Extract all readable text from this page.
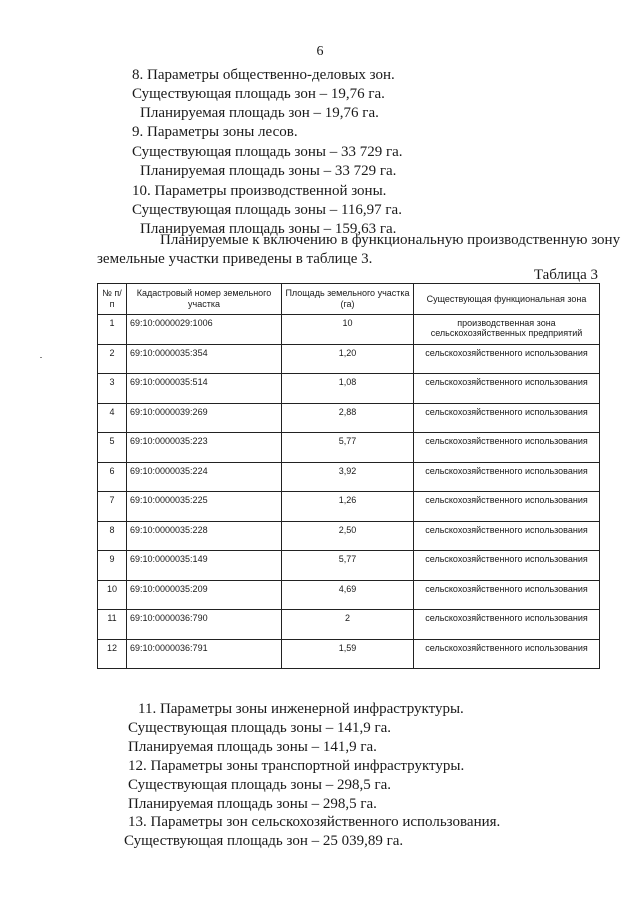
6
8. Параметры общественно-деловых зон.
Существующая площадь зон – 19,76 га.
Планируемая площадь зон – 19,76 га.
9. Параметры зоны лесов.
Существующая площадь зоны – 33 729 га.
Планируемая площадь зоны – 33 729 га.
10. Параметры производственной зоны.
Существующая площадь зоны – 116,97 га.
Планируемая площадь зоны – 159,63 га.
Планируемые к включению в функциональную производственную зону
земельные участки приведены в таблице 3.
Таблица 3
№ п/п	Кадастровый номер земельного участка	Площадь земельного участка (га)	Существующая функциональная зона
1	69:10:0000029:1006	10	производственная зона сельскохозяйственных предприятий
2	69:10:0000035:354	1,20	сельскохозяйственного использования
3	69:10:0000035:514	1,08	сельскохозяйственного использования
4	69:10:0000039:269	2,88	сельскохозяйственного использования
5	69:10:0000035:223	5,77	сельскохозяйственного использования
6	69:10:0000035:224	3,92	сельскохозяйственного использования
7	69:10:0000035:225	1,26	сельскохозяйственного использования
8	69:10:0000035:228	2,50	сельскохозяйственного использования
9	69:10:0000035:149	5,77	сельскохозяйственного использования
10	69:10:0000035:209	4,69	сельскохозяйственного использования
11	69:10:0000036:790	2	сельскохозяйственного использования
12	69:10:0000036:791	1,59	сельскохозяйственного использования
11. Параметры зоны инженерной инфраструктуры.
Существующая площадь зоны – 141,9 га.
Планируемая площадь зоны – 141,9 га.
12. Параметры зоны транспортной инфраструктуры.
Существующая площадь зоны – 298,5 га.
Планируемая площадь зоны – 298,5 га.
13. Параметры зон сельскохозяйственного использования.
Существующая площадь зон – 25 039,89 га.
